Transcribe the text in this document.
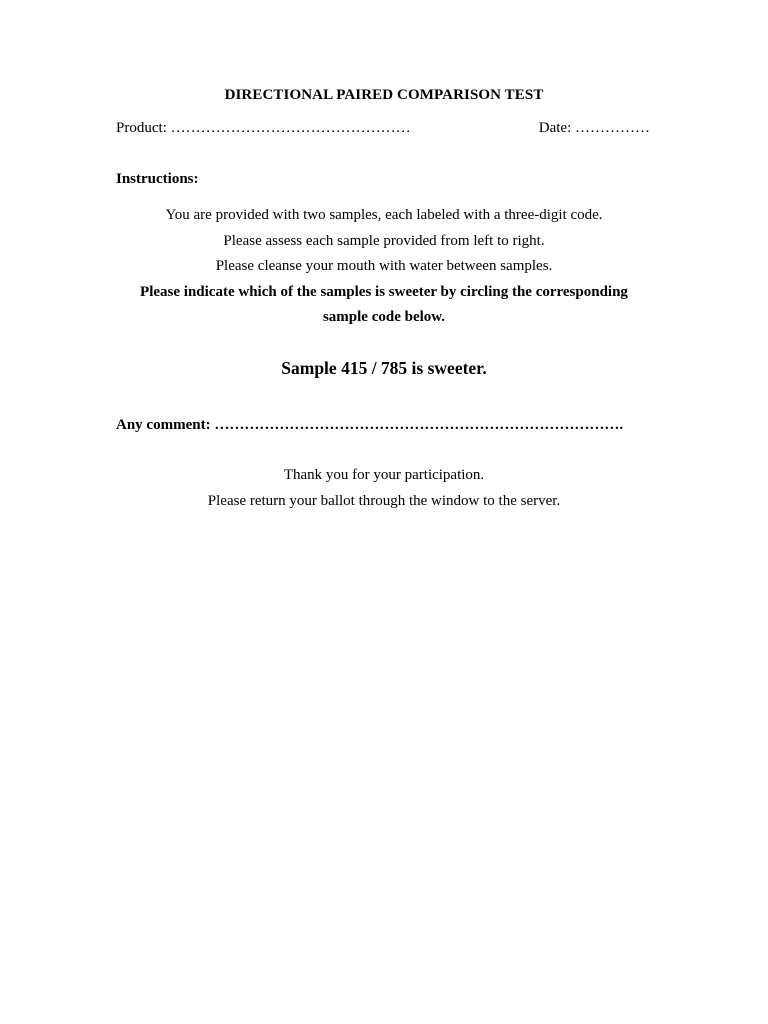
DIRECTIONAL PAIRED COMPARISON TEST
Product: …………………………………………	Date: ……………
Instructions:
You are provided with two samples, each labeled with a three-digit code.
Please assess each sample provided from left to right.
Please cleanse your mouth with water between samples.
Please indicate which of the samples is sweeter by circling the corresponding
sample code below.
Sample 415 / 785 is sweeter.
Any comment: ……………………………………………………………………….
Thank you for your participation.
Please return your ballot through the window to the server.
